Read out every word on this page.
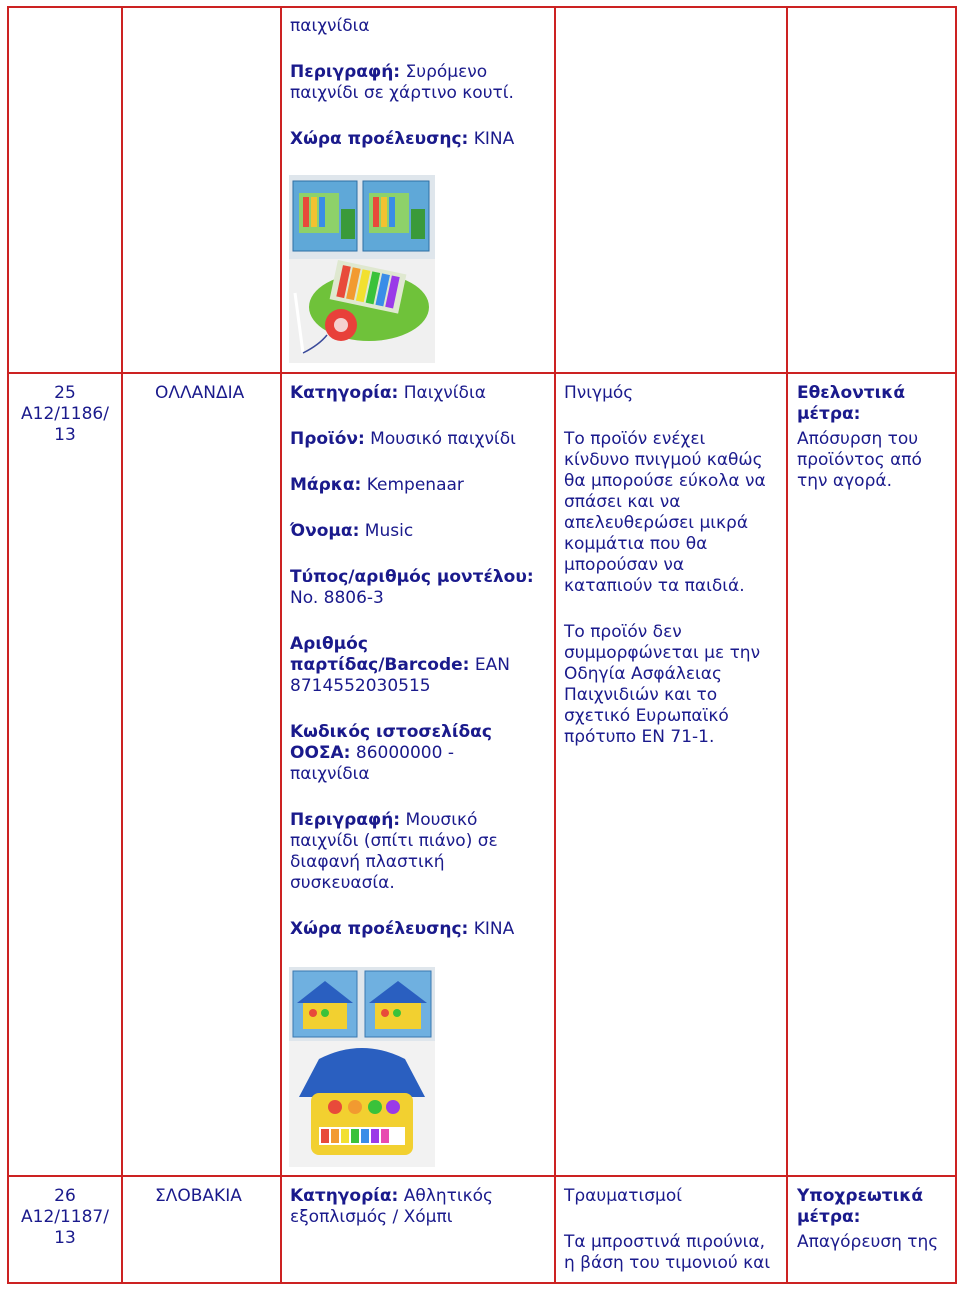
παιχνίδια

Περιγραφή: Συρόμενο παιχνίδι σε χάρτινο κουτί.

Χώρα προέλευσης: ΚΙΝΑ

25

A12/1186/

13

ΟΛΛΑΝΔΙΑ	Κατηγορία: Παιχνίδια

Προϊόν: Μουσικό παιχνίδι

Μάρκα: Kempenaar

Όνομα: Music

Τύπος/αριθμός μοντέλου: No. 8806-3

Αριθμός παρτίδας/Barcode: EAN 8714552030515

Κωδικός ιστοσελίδας ΟΟΣΑ: 86000000 - παιχνίδια

Περιγραφή: Μουσικό παιχνίδι (σπίτι πιάνο) σε διαφανή πλαστική συσκευασία.

Χώρα προέλευσης: ΚΙΝΑ

Πνιγμός

Το προϊόν ενέχει κίνδυνο πνιγμού καθώς θα μπορούσε εύκολα να σπάσει και να απελευθερώσει μικρά κομμάτια που θα μπορούσαν να καταπιούν τα παιδιά.

Το προϊόν δεν συμμορφώνεται με την Οδηγία Ασφάλειας Παιχνιδιών και το σχετικό Ευρωπαϊκό πρότυπο EN 71-1.

Εθελοντικά μέτρα:

Απόσυρση του προϊόντος από την αγορά.

26

A12/1187/

13

ΣΛΟΒΑΚΙΑ	Κατηγορία: Αθλητικός εξοπλισμός / Χόμπι

Τραυματισμοί

Τα μπροστινά πιρούνια, η βάση του τιμονιού και

Υποχρεωτικά μέτρα:

Απαγόρευση της
